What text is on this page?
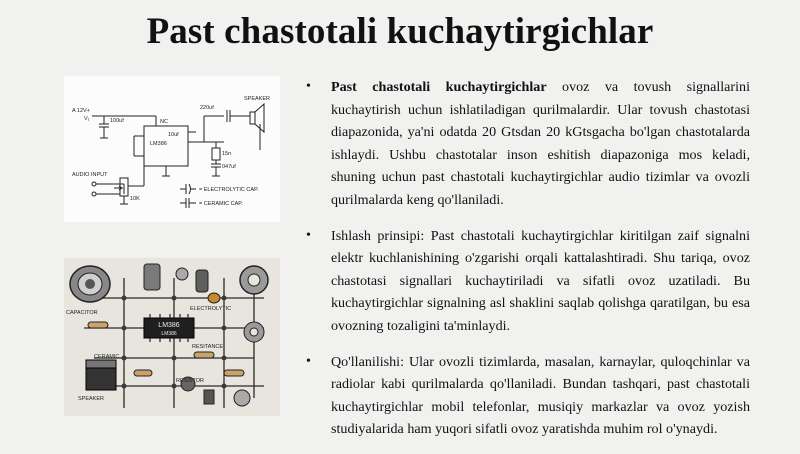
Past chastotali kuchaytirgichlar
A 12V+
V₁	100uf	NC
LM386
220uf
SPEAKER
15n
047uf
10uf
AUDIO INPUT
10K
= ELECTROLYTIC CAP.
= CERAMIC CAP.
LM386
LM386
CAPACITOR
ELECTROLYTIC
RESITANCE
CERAMIC
SPEAKER
RESISTOR
• Past chastotali kuchaytirgichlar ovoz va tovush signallarini kuchaytirish uchun ishlatiladigan qurilmalardir. Ular tovush chastotasi diapazonida, ya'ni odatda 20 Gtsdan 20 kGtsgacha bo'lgan chastotalarda ishlaydi. Ushbu chastotalar inson eshitish diapazoniga mos keladi, shuning uchun past chastotali kuchaytirgichlar audio tizimlar va ovozli qurilmalarda keng qo'llaniladi.
• Ishlash prinsipi: Past chastotali kuchaytirgichlar kiritilgan zaif signalni elektr kuchlanishining o'zgarishi orqali kattalashtiradi. Shu tariqa, ovoz chastotasi signallari kuchaytiriladi va sifatli ovoz uzatiladi. Bu kuchaytirgichlar signalning asl shaklini saqlab qolishga qaratilgan, bu esa ovozning tozaligini ta'minlaydi.
• Qo'llanilishi: Ular ovozli tizimlarda, masalan, karnaylar, quloqchinlar va radiolar kabi qurilmalarda qo'llaniladi. Bundan tashqari, past chastotali kuchaytirgichlar mobil telefonlar, musiqiy markazlar va ovoz yozish studiyalarida ham yuqori sifatli ovoz yaratishda muhim rol o'ynaydi.
